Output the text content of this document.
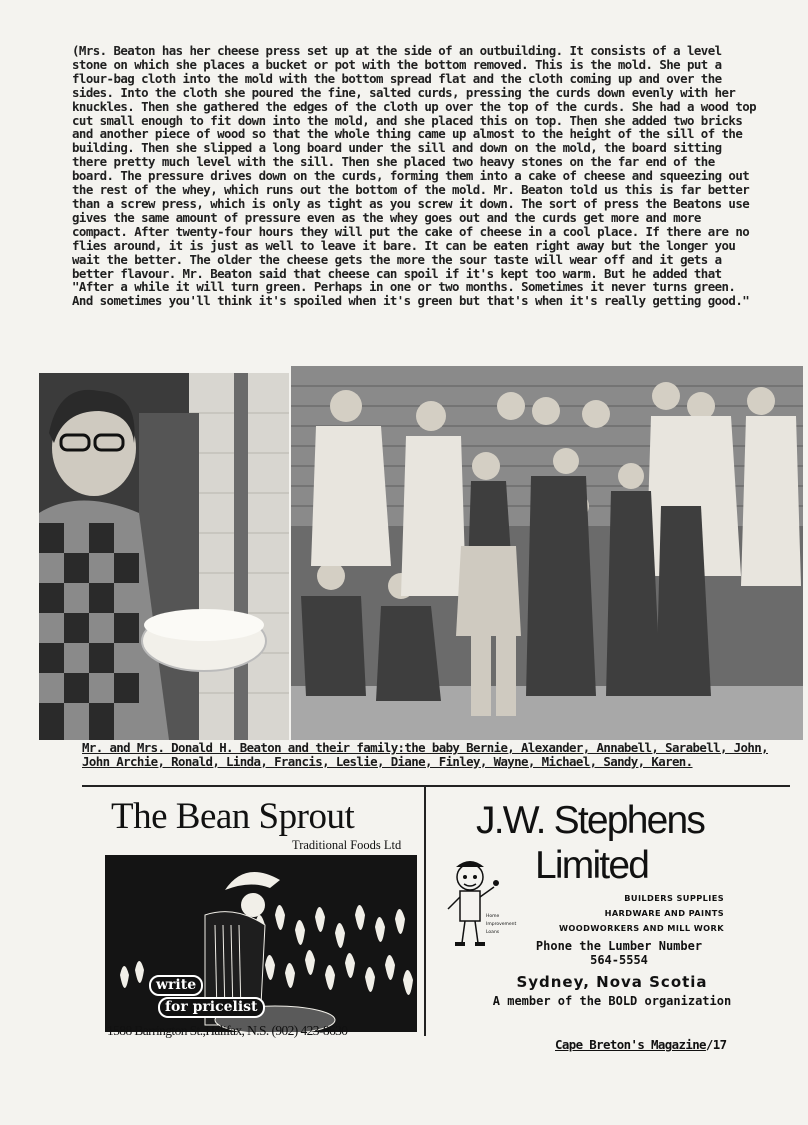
(Mrs. Beaton has her cheese press set up at the side of an outbuilding. It consists of a level stone on which she places a bucket or pot with the bottom removed. This is the mold. She put a flour-bag cloth into the mold with the bottom spread flat and the cloth coming up and over the sides. Into the cloth she poured the fine, salted curds, pressing the curds down evenly with her knuckles. Then she gathered the edges of the cloth up over the top of the curds. She had a wood top cut small enough to fit down into the mold, and she placed this on top. Then she added two bricks and another piece of wood so that the whole thing came up almost to the height of the sill of the building. Then she slipped a long board under the sill and down on the mold, the board sitting there pretty much level with the sill. Then she placed two heavy stones on the far end of the board. The pressure drives down on the curds, forming them into a cake of cheese and squeezing out the rest of the whey, which runs out the bottom of the mold. Mr. Beaton told us this is far better than a screw press, which is only as tight as you screw it down. The sort of press the Beatons use gives the same amount of pressure even as the whey goes out and the curds get more and more compact. After twenty-four hours they will put the cake of cheese in a cool place. If there are no flies around, it is just as well to leave it bare. It can be eaten right away but the longer you wait the better. The older the cheese gets the more the sour taste will wear off and it gets a better flavour. Mr. Beaton said that cheese can spoil if it's kept too warm. But he added that "After a while it will turn green. Perhaps in one or two months. Sometimes it never turns green. And sometimes you'll think it's spoiled when it's green but that's when it's really getting good."
Mr. and Mrs. Donald H. Beaton and their family:the baby Bernie, Alexander, Annabell, Sarabell, John, John Archie, Ronald, Linda, Francis, Leslie, Diane, Finley, Wayne, Michael, Sandy, Karen.
The Bean Sprout
Traditional Foods Ltd
write
for pricelist
1588 Barrington St.,Halifax, N.S. (902) 423-8630
J.W. Stephens
Limited
Home Improvement Loans
BUILDERS SUPPLIES
HARDWARE AND PAINTS
WOODWORKERS AND MILL WORK
Phone the Lumber Number
564-5554
Sydney, Nova Scotia
A member of the BOLD organization
Cape Breton's Magazine/17
